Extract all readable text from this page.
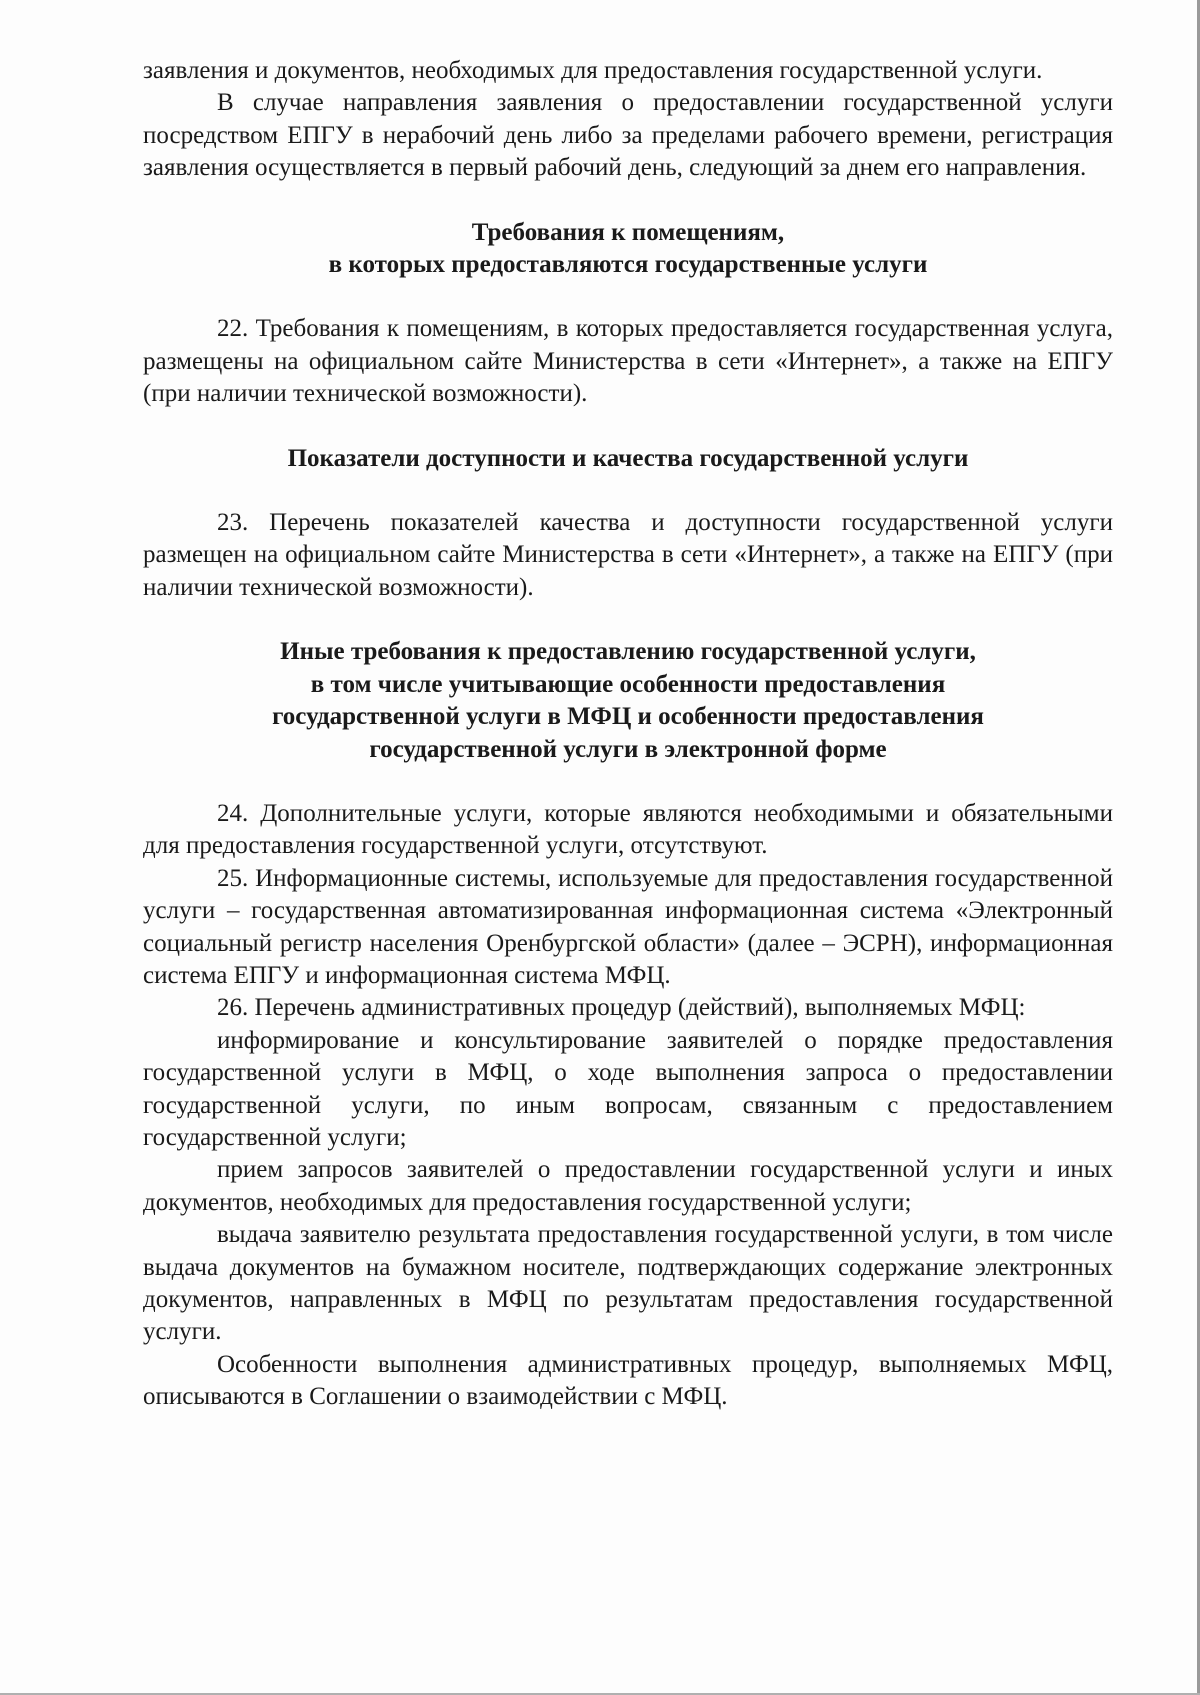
заявления и документов, необходимых для предоставления государственной услуги.

В случае направления заявления о предоставлении государственной услуги посредством ЕПГУ в нерабочий день либо за пределами рабочего времени, регистрация заявления осуществляется в первый рабочий день, следующий за днем его направления.

Требования к помещениям,
в которых предоставляются государственные услуги

22. Требования к помещениям, в которых предоставляется государственная услуга, размещены на официальном сайте Министерства в сети «Интернет», а также на ЕПГУ (при наличии технической возможности).

Показатели доступности и качества государственной услуги

23. Перечень показателей качества и доступности государственной услуги размещен на официальном сайте Министерства в сети «Интернет», а также на ЕПГУ (при наличии технической возможности).

Иные требования к предоставлению государственной услуги,
в том числе учитывающие особенности предоставления
государственной услуги в МФЦ и особенности предоставления
государственной услуги в электронной форме

24. Дополнительные услуги, которые являются необходимыми и обязательными для предоставления государственной услуги, отсутствуют.

25. Информационные системы, используемые для предоставления государственной услуги – государственная автоматизированная информационная система «Электронный социальный регистр населения Оренбургской области» (далее – ЭСРН), информационная система ЕПГУ и информационная система МФЦ.

26. Перечень административных процедур (действий), выполняемых МФЦ:

информирование и консультирование заявителей о порядке предоставления государственной услуги в МФЦ, о ходе выполнения запроса о предоставлении государственной услуги, по иным вопросам, связанным с предоставлением государственной услуги;

прием запросов заявителей о предоставлении государственной услуги и иных документов, необходимых для предоставления государственной услуги;

выдача заявителю результата предоставления государственной услуги, в том числе выдача документов на бумажном носителе, подтверждающих содержание электронных документов, направленных в МФЦ по результатам предоставления государственной услуги.

Особенности выполнения административных процедур, выполняемых МФЦ, описываются в Соглашении о взаимодействии с МФЦ.
